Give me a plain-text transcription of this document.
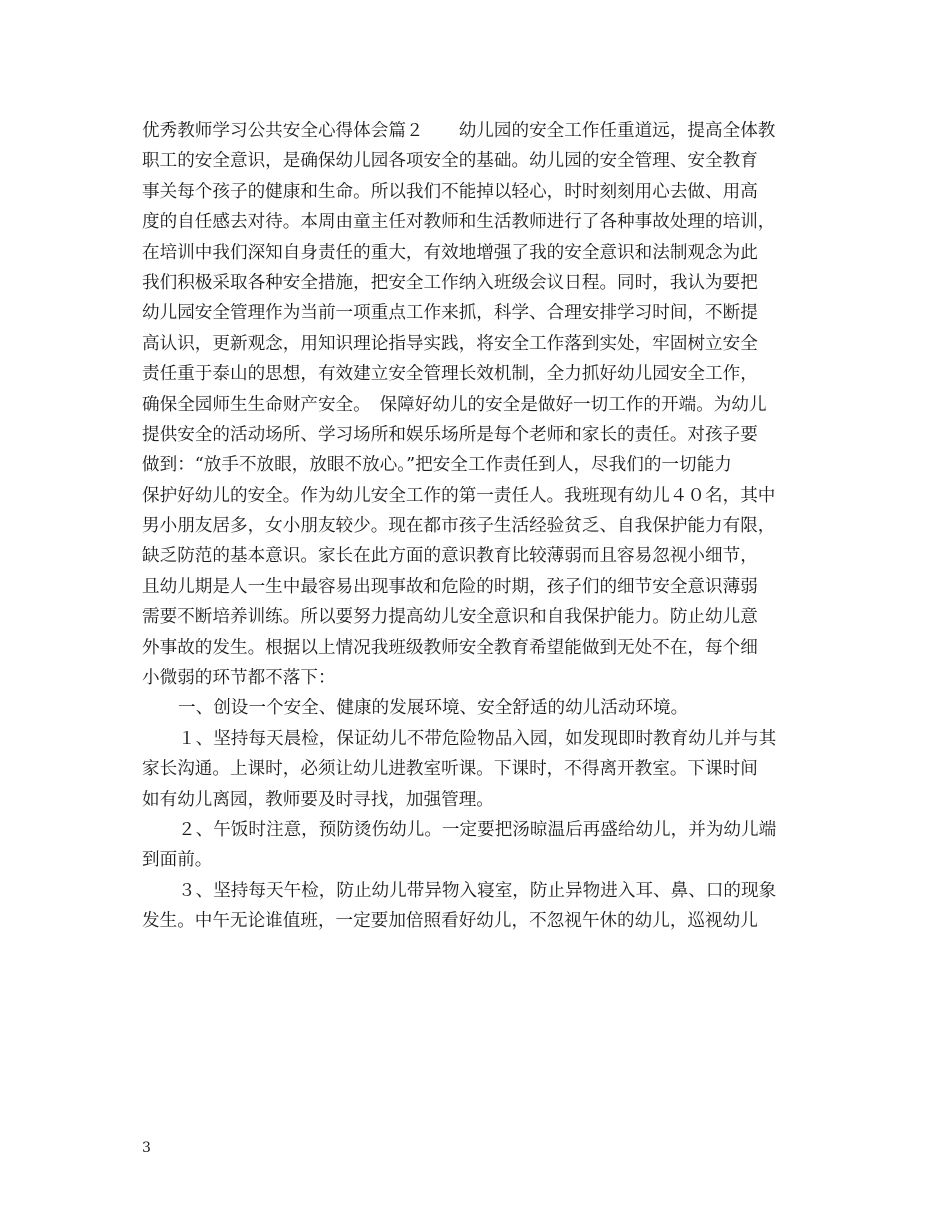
优秀教师学习公共安全心得体会篇２　　幼儿园的安全工作任重道远，提高全体教
职工的安全意识，是确保幼儿园各项安全的基础。幼儿园的安全管理、安全教育
事关每个孩子的健康和生命。所以我们不能掉以轻心，时时刻刻用心去做、用高
度的自任感去对待。本周由童主任对教师和生活教师进行了各种事故处理的培训，
在培训中我们深知自身责任的重大，有效地增强了我的安全意识和法制观念为此
我们积极采取各种安全措施，把安全工作纳入班级会议日程。同时，我认为要把
幼儿园安全管理作为当前一项重点工作来抓，科学、合理安排学习时间，不断提
高认识，更新观念，用知识理论指导实践，将安全工作落到实处，牢固树立安全
责任重于泰山的思想，有效建立安全管理长效机制，全力抓好幼儿园安全工作，
确保全园师生生命财产安全。　保障好幼儿的安全是做好一切工作的开端。为幼儿
提供安全的活动场所、学习场所和娱乐场所是每个老师和家长的责任。对孩子要
做到：“放手不放眼，放眼不放心。”把安全工作责任到人，尽我们的一切能力
保护好幼儿的安全。作为幼儿安全工作的第一责任人。我班现有幼儿４０名，其中
男小朋友居多，女小朋友较少。现在都市孩子生活经验贫乏、自我保护能力有限，
缺乏防范的基本意识。家长在此方面的意识教育比较薄弱而且容易忽视小细节，
且幼儿期是人一生中最容易出现事故和危险的时期，孩子们的细节安全意识薄弱
需要不断培养训练。所以要努力提高幼儿安全意识和自我保护能力。防止幼儿意
外事故的发生。根据以上情况我班级教师安全教育希望能做到无处不在，每个细
小微弱的环节都不落下：
一、创设一个安全、健康的发展环境、安全舒适的幼儿活动环境。
１、坚持每天晨检，保证幼儿不带危险物品入园，如发现即时教育幼儿并与其
家长沟通。上课时，必须让幼儿进教室听课。下课时，不得离开教室。下课时间
如有幼儿离园，教师要及时寻找，加强管理。
２、午饭时注意，预防烫伤幼儿。一定要把汤晾温后再盛给幼儿，并为幼儿端
到面前。
３、坚持每天午检，防止幼儿带异物入寝室，防止异物进入耳、鼻、口的现象
发生。中午无论谁值班，一定要加倍照看好幼儿，不忽视午休的幼儿，巡视幼儿
3
